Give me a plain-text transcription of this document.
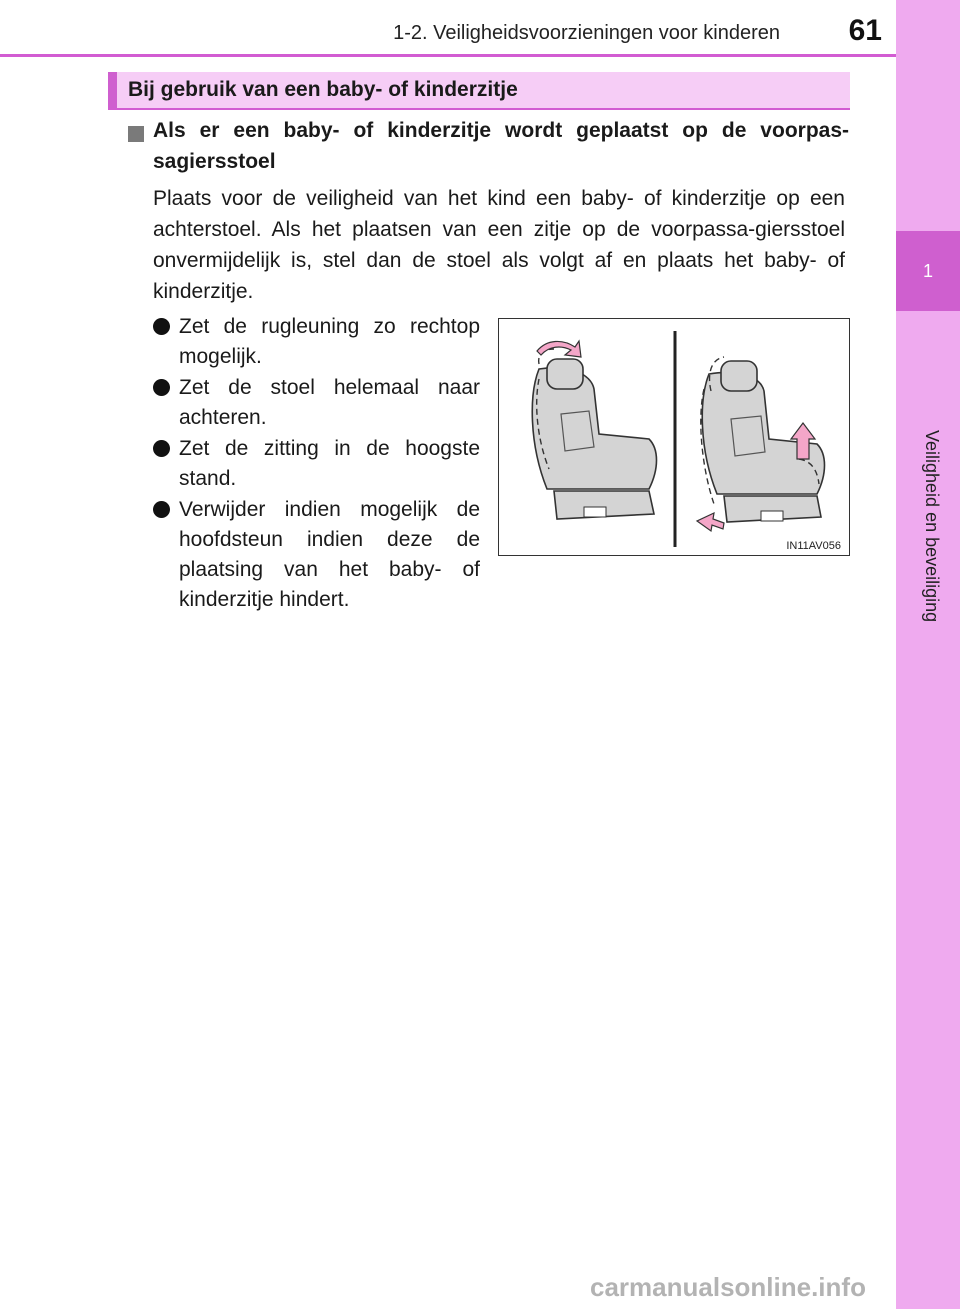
1-2. Veiligheidsvoorzieningen voor kinderen	61
1
Veiligheid en beveiliging
Bij gebruik van een baby- of kinderzitje
Als er een baby- of kinderzitje wordt geplaatst op de voorpas-sagiersstoel
Plaats voor de veiligheid van het kind een baby- of kinderzitje op een achterstoel. Als het plaatsen van een zitje op de voorpassa-giersstoel onvermijdelijk is, stel dan de stoel als volgt af en plaats het baby- of kinderzitje.
Zet de rugleuning zo rechtop mogelijk.
Zet de stoel helemaal naar achteren.
Zet de zitting in de hoogste stand.
Verwijder indien mogelijk de hoofdsteun indien deze de plaatsing van het baby- of kinderzitje hindert.
IN11AV056
carmanualsonline.info
